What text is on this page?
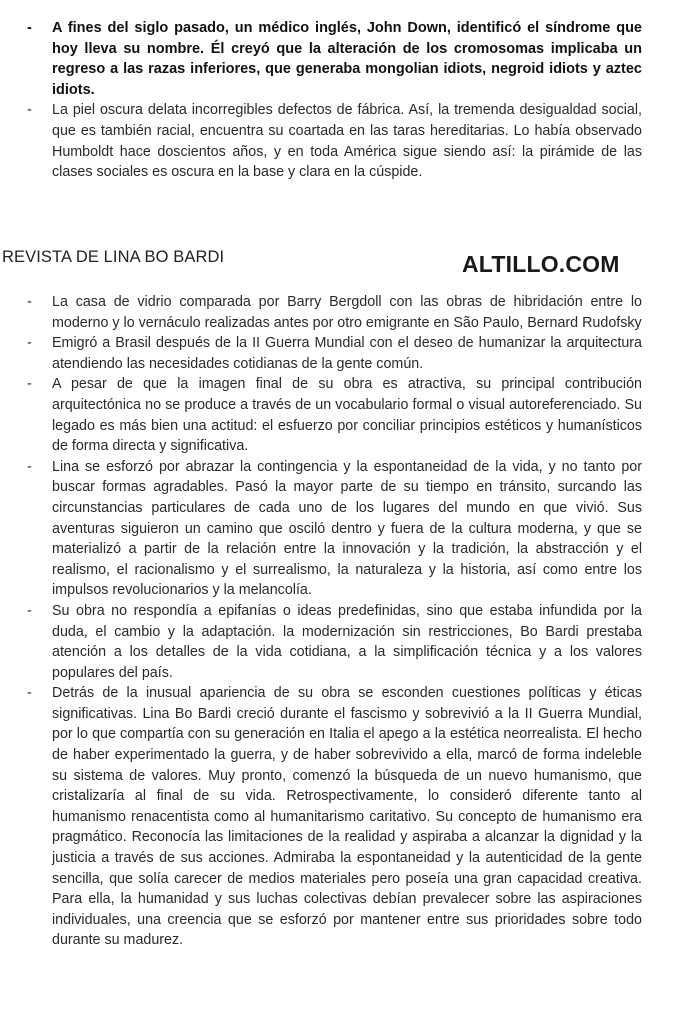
- A fines del siglo pasado, un médico inglés, John Down, identificó el síndrome que hoy lleva su nombre. Él creyó que la alteración de los cromosomas implicaba un regreso a las razas inferiores, que generaba mongolian idiots, negroid idiots y aztec idiots.
- La piel oscura delata incorregibles defectos de fábrica. Así, la tremenda desigualdad social, que es también racial, encuentra su coartada en las taras hereditarias. Lo había observado Humboldt hace doscientos años, y en toda América sigue siendo así: la pirámide de las clases sociales es oscura en la base y clara en la cúspide.
REVISTA DE LINA BO BARDI	ALTILLO.COM
- La casa de vidrio comparada por Barry Bergdoll con las obras de hibridación entre lo moderno y lo vernáculo realizadas antes por otro emigrante en São Paulo, Bernard Rudofsky
- Emigró a Brasil después de la II Guerra Mundial con el deseo de humanizar la arquitectura atendiendo las necesidades cotidianas de la gente común.
- A pesar de que la imagen final de su obra es atractiva, su principal contribución arquitectónica no se produce a través de un vocabulario formal o visual autoreferenciado. Su legado es más bien una actitud: el esfuerzo por conciliar principios estéticos y humanísticos de forma directa y significativa.
- Lina se esforzó por abrazar la contingencia y la espontaneidad de la vida, y no tanto por buscar formas agradables. Pasó la mayor parte de su tiempo en tránsito, surcando las circunstancias particulares de cada uno de los lugares del mundo en que vivió. Sus aventuras siguieron un camino que osciló dentro y fuera de la cultura moderna, y que se materializó a partir de la relación entre la innovación y la tradición, la abstracción y el realismo, el racionalismo y el surrealismo, la naturaleza y la historia, así como entre los impulsos revolucionarios y la melancolía.
- Su obra no respondía a epifanías o ideas predefinidas, sino que estaba infundida por la duda, el cambio y la adaptación. la modernización sin restricciones, Bo Bardi prestaba atención a los detalles de la vida cotidiana, a la simplificación técnica y a los valores populares del país.
- Detrás de la inusual apariencia de su obra se esconden cuestiones políticas y éticas significativas. Lina Bo Bardi creció durante el fascismo y sobrevivió a la II Guerra Mundial, por lo que compartía con su generación en Italia el apego a la estética neorrealista. El hecho de haber experimentado la guerra, y de haber sobrevivido a ella, marcó de forma indeleble su sistema de valores. Muy pronto, comenzó la búsqueda de un nuevo humanismo, que cristalizaría al final de su vida. Retrospectivamente, lo consideró diferente tanto al humanismo renacentista como al humanitarismo caritativo. Su concepto de humanismo era pragmático. Reconocía las limitaciones de la realidad y aspiraba a alcanzar la dignidad y la justicia a través de sus acciones. Admiraba la espontaneidad y la autenticidad de la gente sencilla, que solía carecer de medios materiales pero poseía una gran capacidad creativa. Para ella, la humanidad y sus luchas colectivas debían prevalecer sobre las aspiraciones individuales, una creencia que se esforzó por mantener entre sus prioridades sobre todo durante su madurez.
